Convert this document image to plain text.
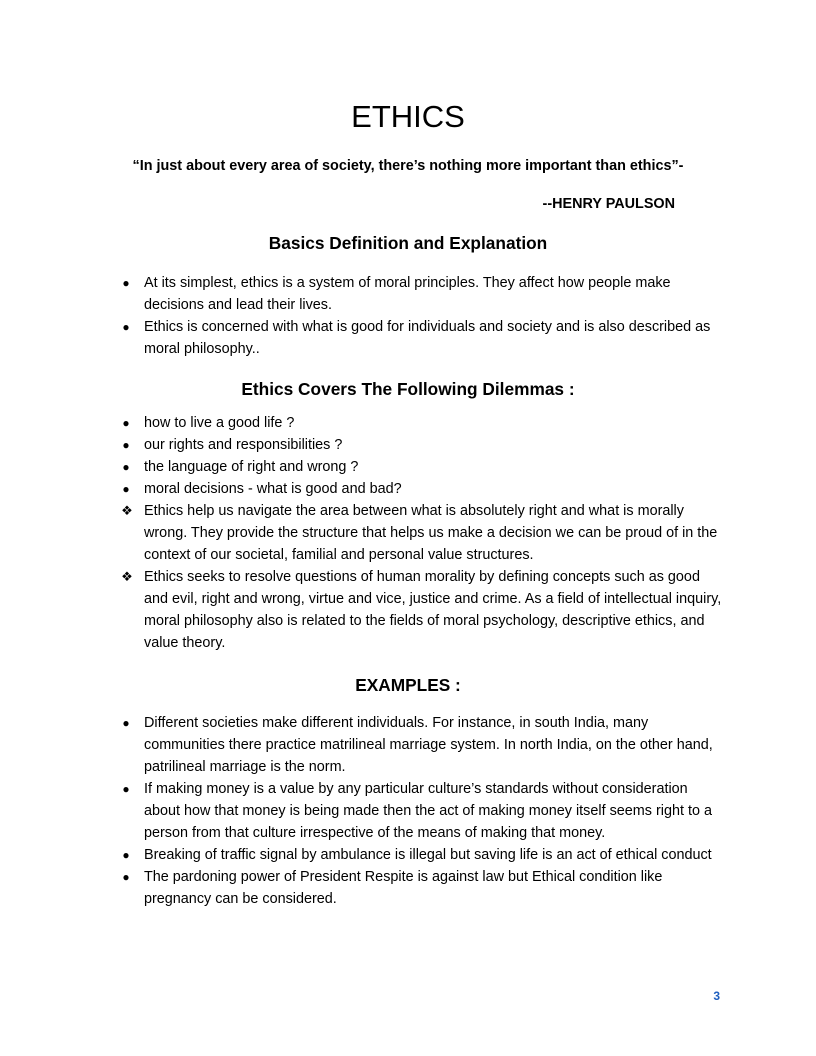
ETHICS
“In just about every area of society, there’s nothing more important than ethics”-
--HENRY PAULSON
Basics Definition and Explanation
● At its simplest, ethics is a system of moral principles. They affect how people make decisions and lead their lives.
● Ethics is concerned with what is good for individuals and society and is also described as moral philosophy..
Ethics Covers The Following Dilemmas :
● how to live a good life ?
● our rights and responsibilities ?
● the language of right and wrong ?
● moral decisions - what is good and bad?
❖ Ethics help us navigate the area between what is absolutely right and what is morally wrong. They provide the structure that helps us make a decision we can be proud of in the context of our societal, familial and personal value structures.
❖ Ethics seeks to resolve questions of human morality by defining concepts such as good and evil, right and wrong, virtue and vice, justice and crime. As a field of intellectual inquiry, moral philosophy also is related to the fields of moral psychology, descriptive ethics, and value theory.
EXAMPLES :
● Different societies make different individuals. For instance, in south India, many communities there practice matrilineal marriage system. In north India, on the other hand, patrilineal marriage is the norm.
● If making money is a value by any particular culture’s standards without consideration about how that money is being made then the act of making money itself seems right to a person from that culture irrespective of the means of making that money.
● Breaking of traffic signal by ambulance is illegal but saving life is an act of ethical conduct
● The pardoning power of President Respite is against law but Ethical condition like pregnancy can be considered.
3
